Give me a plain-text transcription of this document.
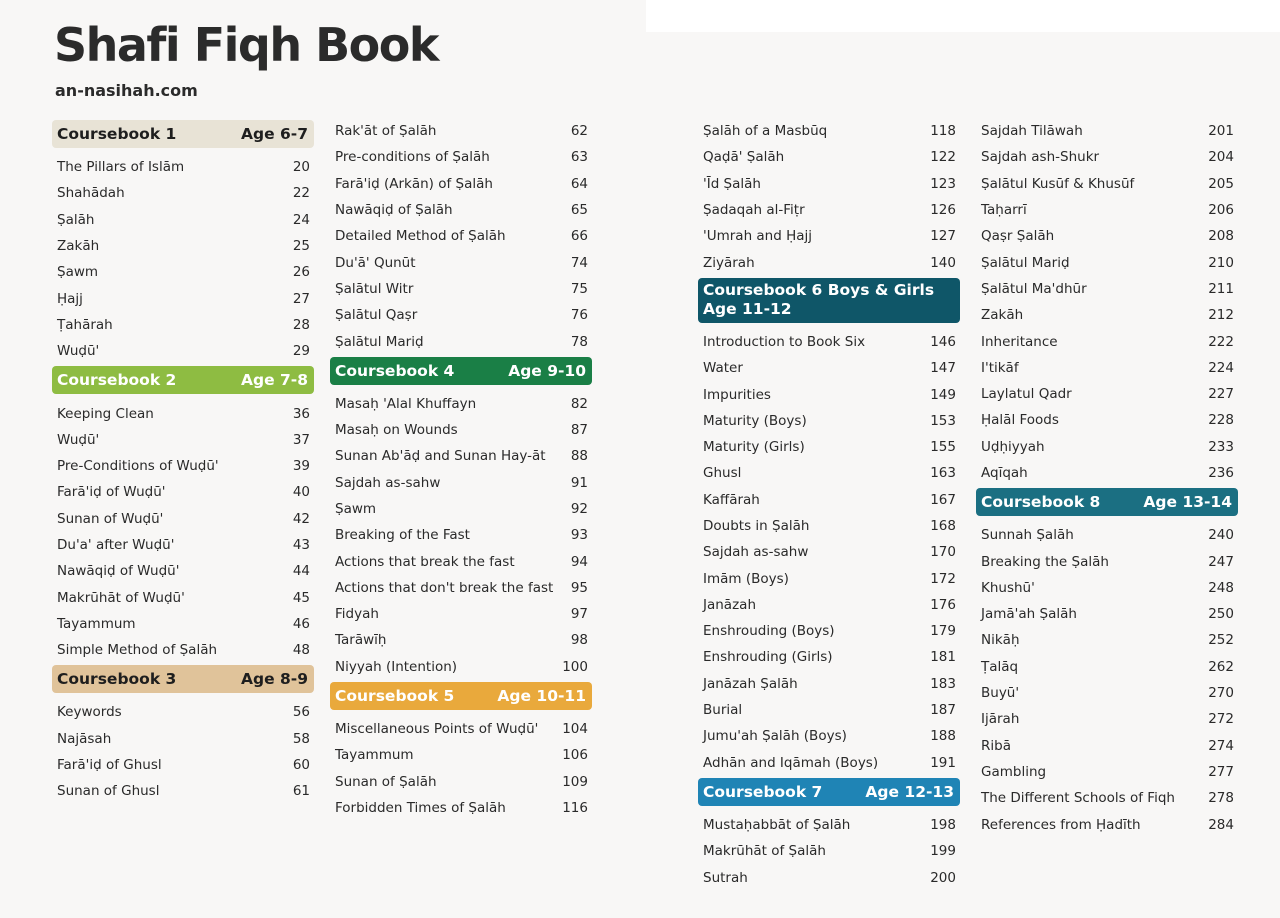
Shafi Fiqh Book
an-nasihah.com
Coursebook 1	Age 6-7
The Pillars of Islām	20
Shahādah	22
Ṣalāh	24
Zakāh	25
Ṣawm	26
Ḥajj	27
Ṭahārah	28
Wuḍū'	29
Coursebook 2	Age 7-8
Keeping Clean	36
Wuḍū'	37
Pre-Conditions of Wuḍū'	39
Farā'iḍ of Wuḍū'	40
Sunan of Wuḍū'	42
Du'a' after Wuḍū'	43
Nawāqiḍ of Wuḍū'	44
Makrūhāt of Wuḍū'	45
Tayammum	46
Simple Method of Ṣalāh	48
Coursebook 3	Age 8-9
Keywords	56
Najāsah	58
Farā'iḍ of Ghusl	60
Sunan of Ghusl	61
Rak'āt of Ṣalāh	62
Pre-conditions of Ṣalāh	63
Farā'iḍ (Arkān) of Ṣalāh	64
Nawāqiḍ of Ṣalāh	65
Detailed Method of Ṣalāh	66
Du'ā' Qunūt	74
Ṣalātul Witr	75
Ṣalātul Qaṣr	76
Ṣalātul Mariḍ	78
Coursebook 4	Age 9-10
Masaḥ 'Alal Khuffayn	82
Masaḥ on Wounds	87
Sunan Ab'āḍ and Sunan Hay-āt 88
Sajdah as-sahw	91
Ṣawm	92
Breaking of the Fast	93
Actions that break the fast	94
Actions that don't break the fast 95
Fidyah	97
Tarāwīḥ	98
Niyyah (Intention)	100
Coursebook 5	Age 10-11
Miscellaneous Points of Wuḍū' 104
Tayammum	106
Sunan of Ṣalāh	109
Forbidden Times of Ṣalāh	116
Ṣalāh of a Masbūq	118
Qaḍā' Ṣalāh	122
'Īd Ṣalāh	123
Ṣadaqah al-Fiṭr	126
'Umrah and Ḥajj	127
Ziyārah	140
Coursebook 6 Boys & Girls
Age 11-12
Introduction to Book Six	146
Water	147
Impurities	149
Maturity (Boys)	153
Maturity (Girls)	155
Ghusl	163
Kaffārah	167
Doubts in Ṣalāh	168
Sajdah as-sahw	170
Imām (Boys)	172
Janāzah	176
Enshrouding (Boys)	179
Enshrouding (Girls)	181
Janāzah Ṣalāh	183
Burial	187
Jumu'ah Ṣalāh (Boys)	188
Adhān and Iqāmah (Boys)	191
Coursebook 7	Age 12-13
Mustaḥabbāt of Ṣalāh	198
Makrūhāt of Ṣalāh	199
Sutrah	200
Sajdah Tilāwah	201
Sajdah ash-Shukr	204
Ṣalātul Kusūf & Khusūf	205
Taḥarrī	206
Qaṣr Ṣalāh	208
Ṣalātul Mariḍ	210
Ṣalātul Ma'dhūr	211
Zakāh	212
Inheritance	222
I'tikāf	224
Laylatul Qadr	227
Ḥalāl Foods	228
Uḍḥiyyah	233
Aqīqah	236
Coursebook 8	Age 13-14
Sunnah Ṣalāh	240
Breaking the Ṣalāh	247
Khushū'	248
Jamā'ah Ṣalāh	250
Nikāḥ	252
Ṭalāq	262
Buyū'	270
Ijārah	272
Ribā	274
Gambling	277
The Different Schools of Fiqh 278
References from Ḥadīth	284
